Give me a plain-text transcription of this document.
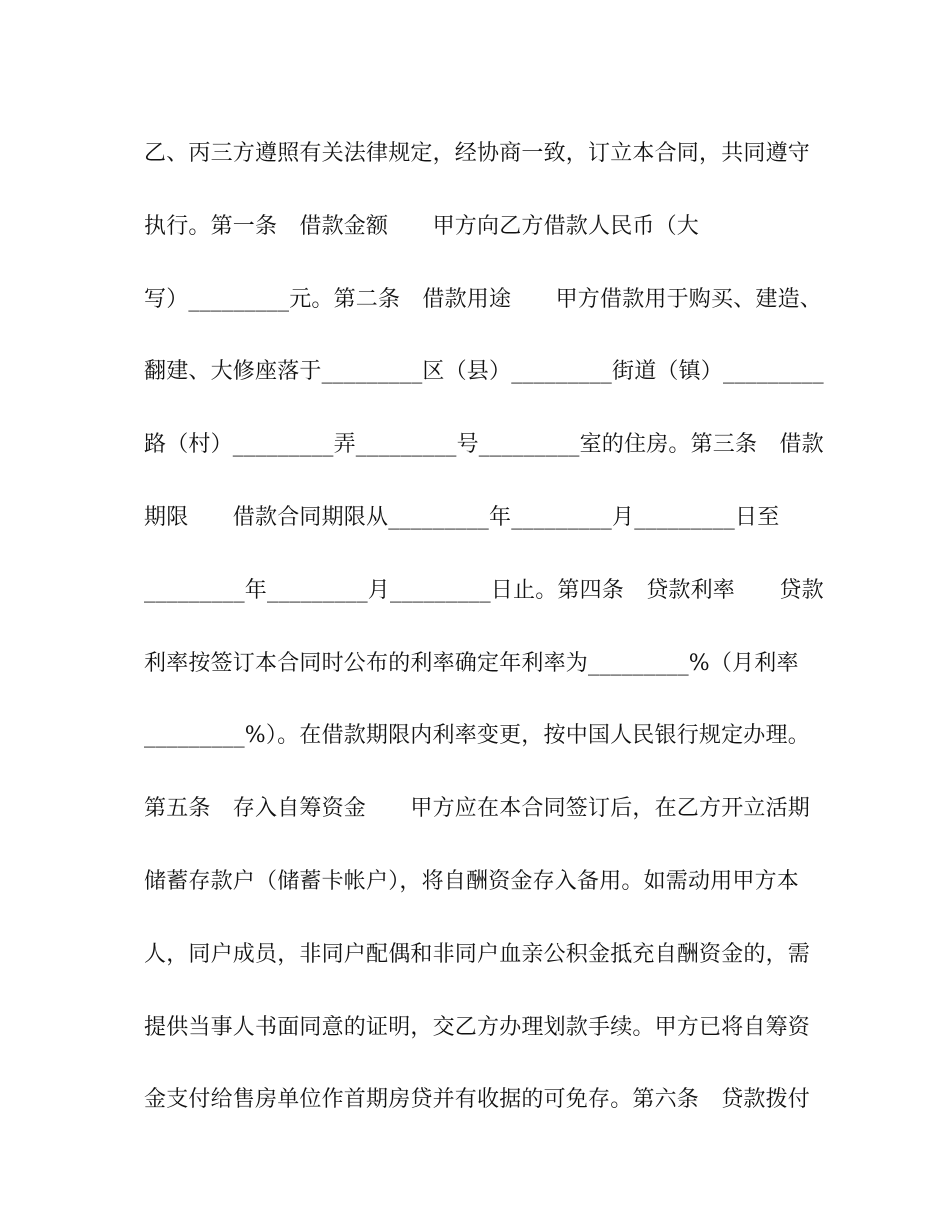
乙、丙三方遵照有关法律规定，经协商一致，订立本合同，共同遵守
执行。第一条　借款金额　　甲方向乙方借款人民币（大
写）_________元。第二条　借款用途　　甲方借款用于购买、建造、
翻建、大修座落于_________区（县）_________街道（镇）_________
路（村）_________弄_________号_________室的住房。第三条　借款
期限　　借款合同期限从_________年_________月_________日至
_________年_________月_________日止。第四条　贷款利率　　贷款
利率按签订本合同时公布的利率确定年利率为_________%（月利率
_________%）。在借款期限内利率变更，按中国人民银行规定办理。
第五条　存入自筹资金　　甲方应在本合同签订后，在乙方开立活期
储蓄存款户（储蓄卡帐户），将自酬资金存入备用。如需动用甲方本
人，同户成员，非同户配偶和非同户血亲公积金抵充自酬资金的，需
提供当事人书面同意的证明，交乙方办理划款手续。甲方已将自筹资
金支付给售房单位作首期房贷并有收据的可免存。第六条　贷款拨付
